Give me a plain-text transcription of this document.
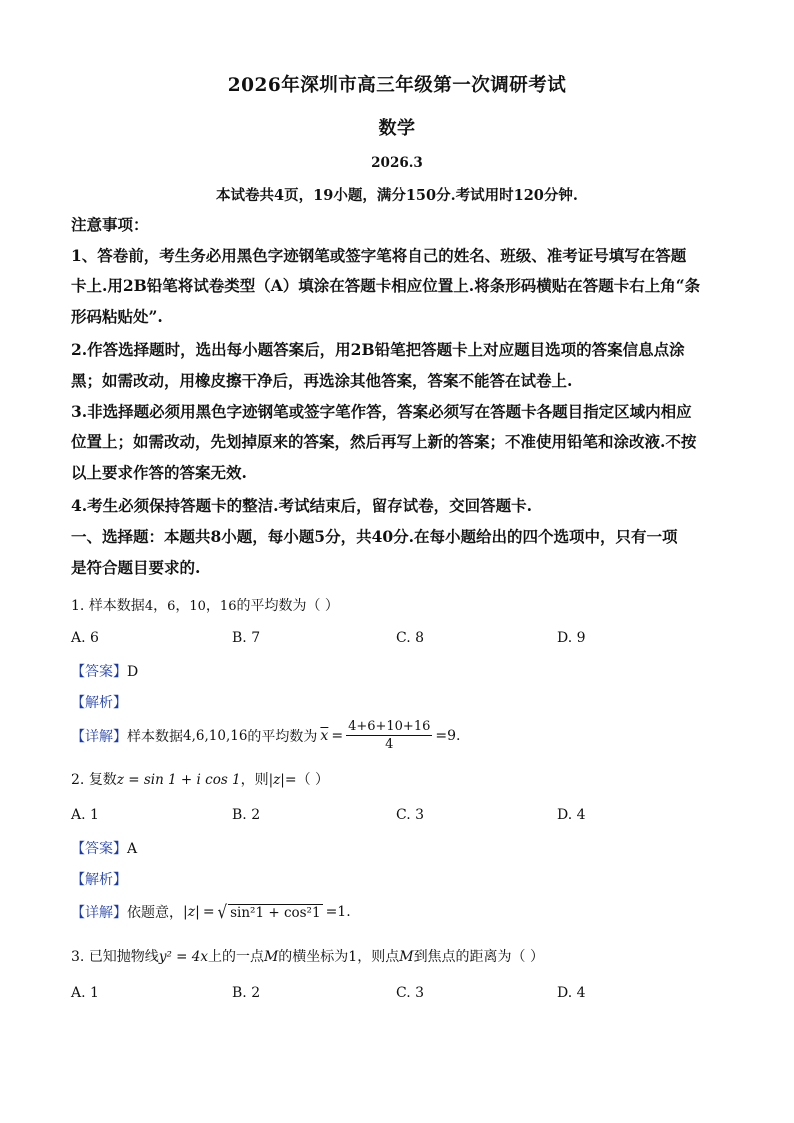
2026年深圳市高三年级第一次调研考试
数学
2026.3
本试卷共4页，19小题，满分150分.考试用时120分钟.
注意事项：
1、答卷前，考生务必用黑色字迹钢笔或签字笔将自己的姓名、班级、准考证号填写在答题
卡上.用2B铅笔将试卷类型（A）填涂在答题卡相应位置上.将条形码横贴在答题卡右上角“条
形码粘贴处”.
2.作答选择题时，选出每小题答案后，用2B铅笔把答题卡上对应题目选项的答案信息点涂
黑；如需改动，用橡皮擦干净后，再选涂其他答案，答案不能答在试卷上.
3.非选择题必须用黑色字迹钢笔或签字笔作答，答案必须写在答题卡各题目指定区域内相应
位置上；如需改动，先划掉原来的答案，然后再写上新的答案；不准使用铅笔和涂改液.不按
以上要求作答的答案无效.
4.考生必须保持答题卡的整洁.考试结束后，留存试卷，交回答题卡.
一、选择题：本题共8小题，每小题5分，共40分.在每小题给出的四个选项中，只有一项
是符合题目要求的.
1. 样本数据4，6，10，16的平均数为（ ）
A. 6	B. 7	C. 8	D. 9
【答案】D
【解析】
【详解】 样本数据 4,6,10,16 的平均数为 $\overline{x} = \frac{4+6+10+16}{4} =9$ .
2. 复数z = sin 1 + i cos 1，则|z|=（ ）
A. 1	B. 2	C. 3	D. 4
【答案】A
【解析】
【详解】 依题意， |z| = √ sin²1 + cos²1 =1 .
3. 已知抛物线y² = 4x上的一点M的横坐标为1，则点M到焦点的距离为（ ）
A. 1	B. 2	C. 3	D. 4
